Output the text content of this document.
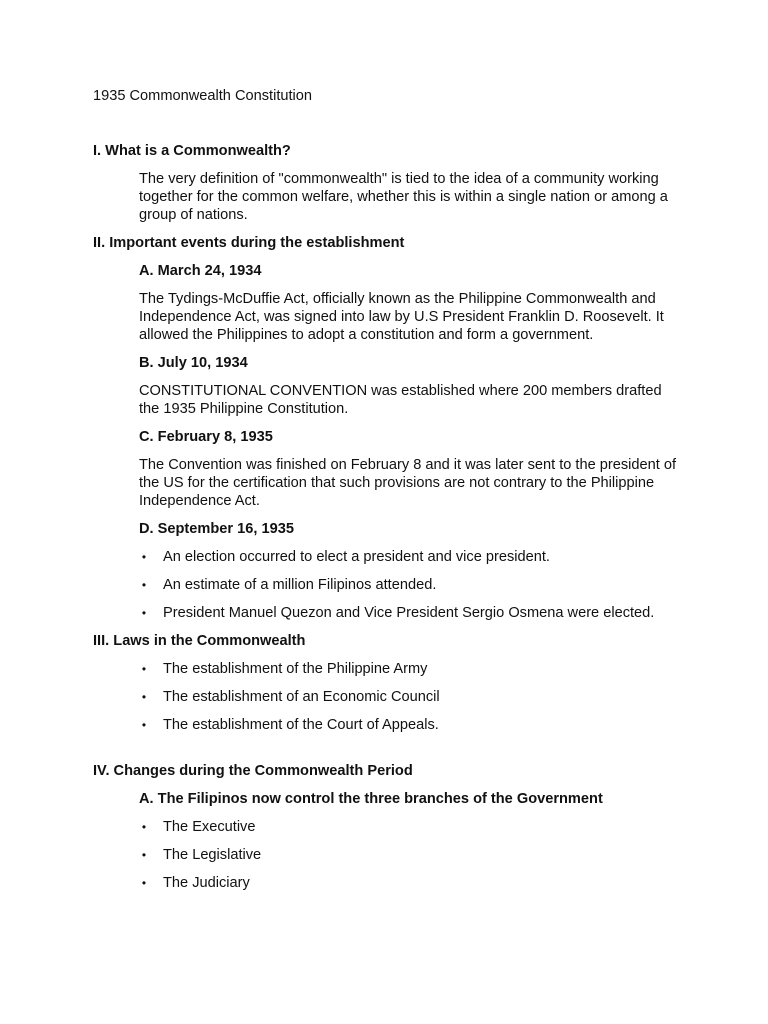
1935 Commonwealth Constitution
I. What is a Commonwealth?
The very definition of "commonwealth" is tied to the idea of a community working together for the common welfare, whether this is within a single nation or among a group of nations.
II. Important events during the establishment
A. March 24, 1934
The Tydings-McDuffie Act, officially known as the Philippine Commonwealth and Independence Act, was signed into law by U.S President Franklin D. Roosevelt. It allowed the Philippines to adopt a constitution and form a government.
B. July 10, 1934
CONSTITUTIONAL CONVENTION was established where 200 members drafted the 1935 Philippine Constitution.
C. February 8, 1935
The Convention was finished on February 8 and it was later sent to the president of the US for the certification that such provisions are not contrary to the Philippine Independence Act.
D. September 16, 1935
• An election occurred to elect a president and vice president.
• An estimate of a million Filipinos attended.
• President Manuel Quezon and Vice President Sergio Osmena were elected.
III. Laws in the Commonwealth
• The establishment of the Philippine Army
• The establishment of an Economic Council
• The establishment of the Court of Appeals.
IV. Changes during the Commonwealth Period
A. The Filipinos now control the three branches of the Government
• The Executive
• The Legislative
• The Judiciary
